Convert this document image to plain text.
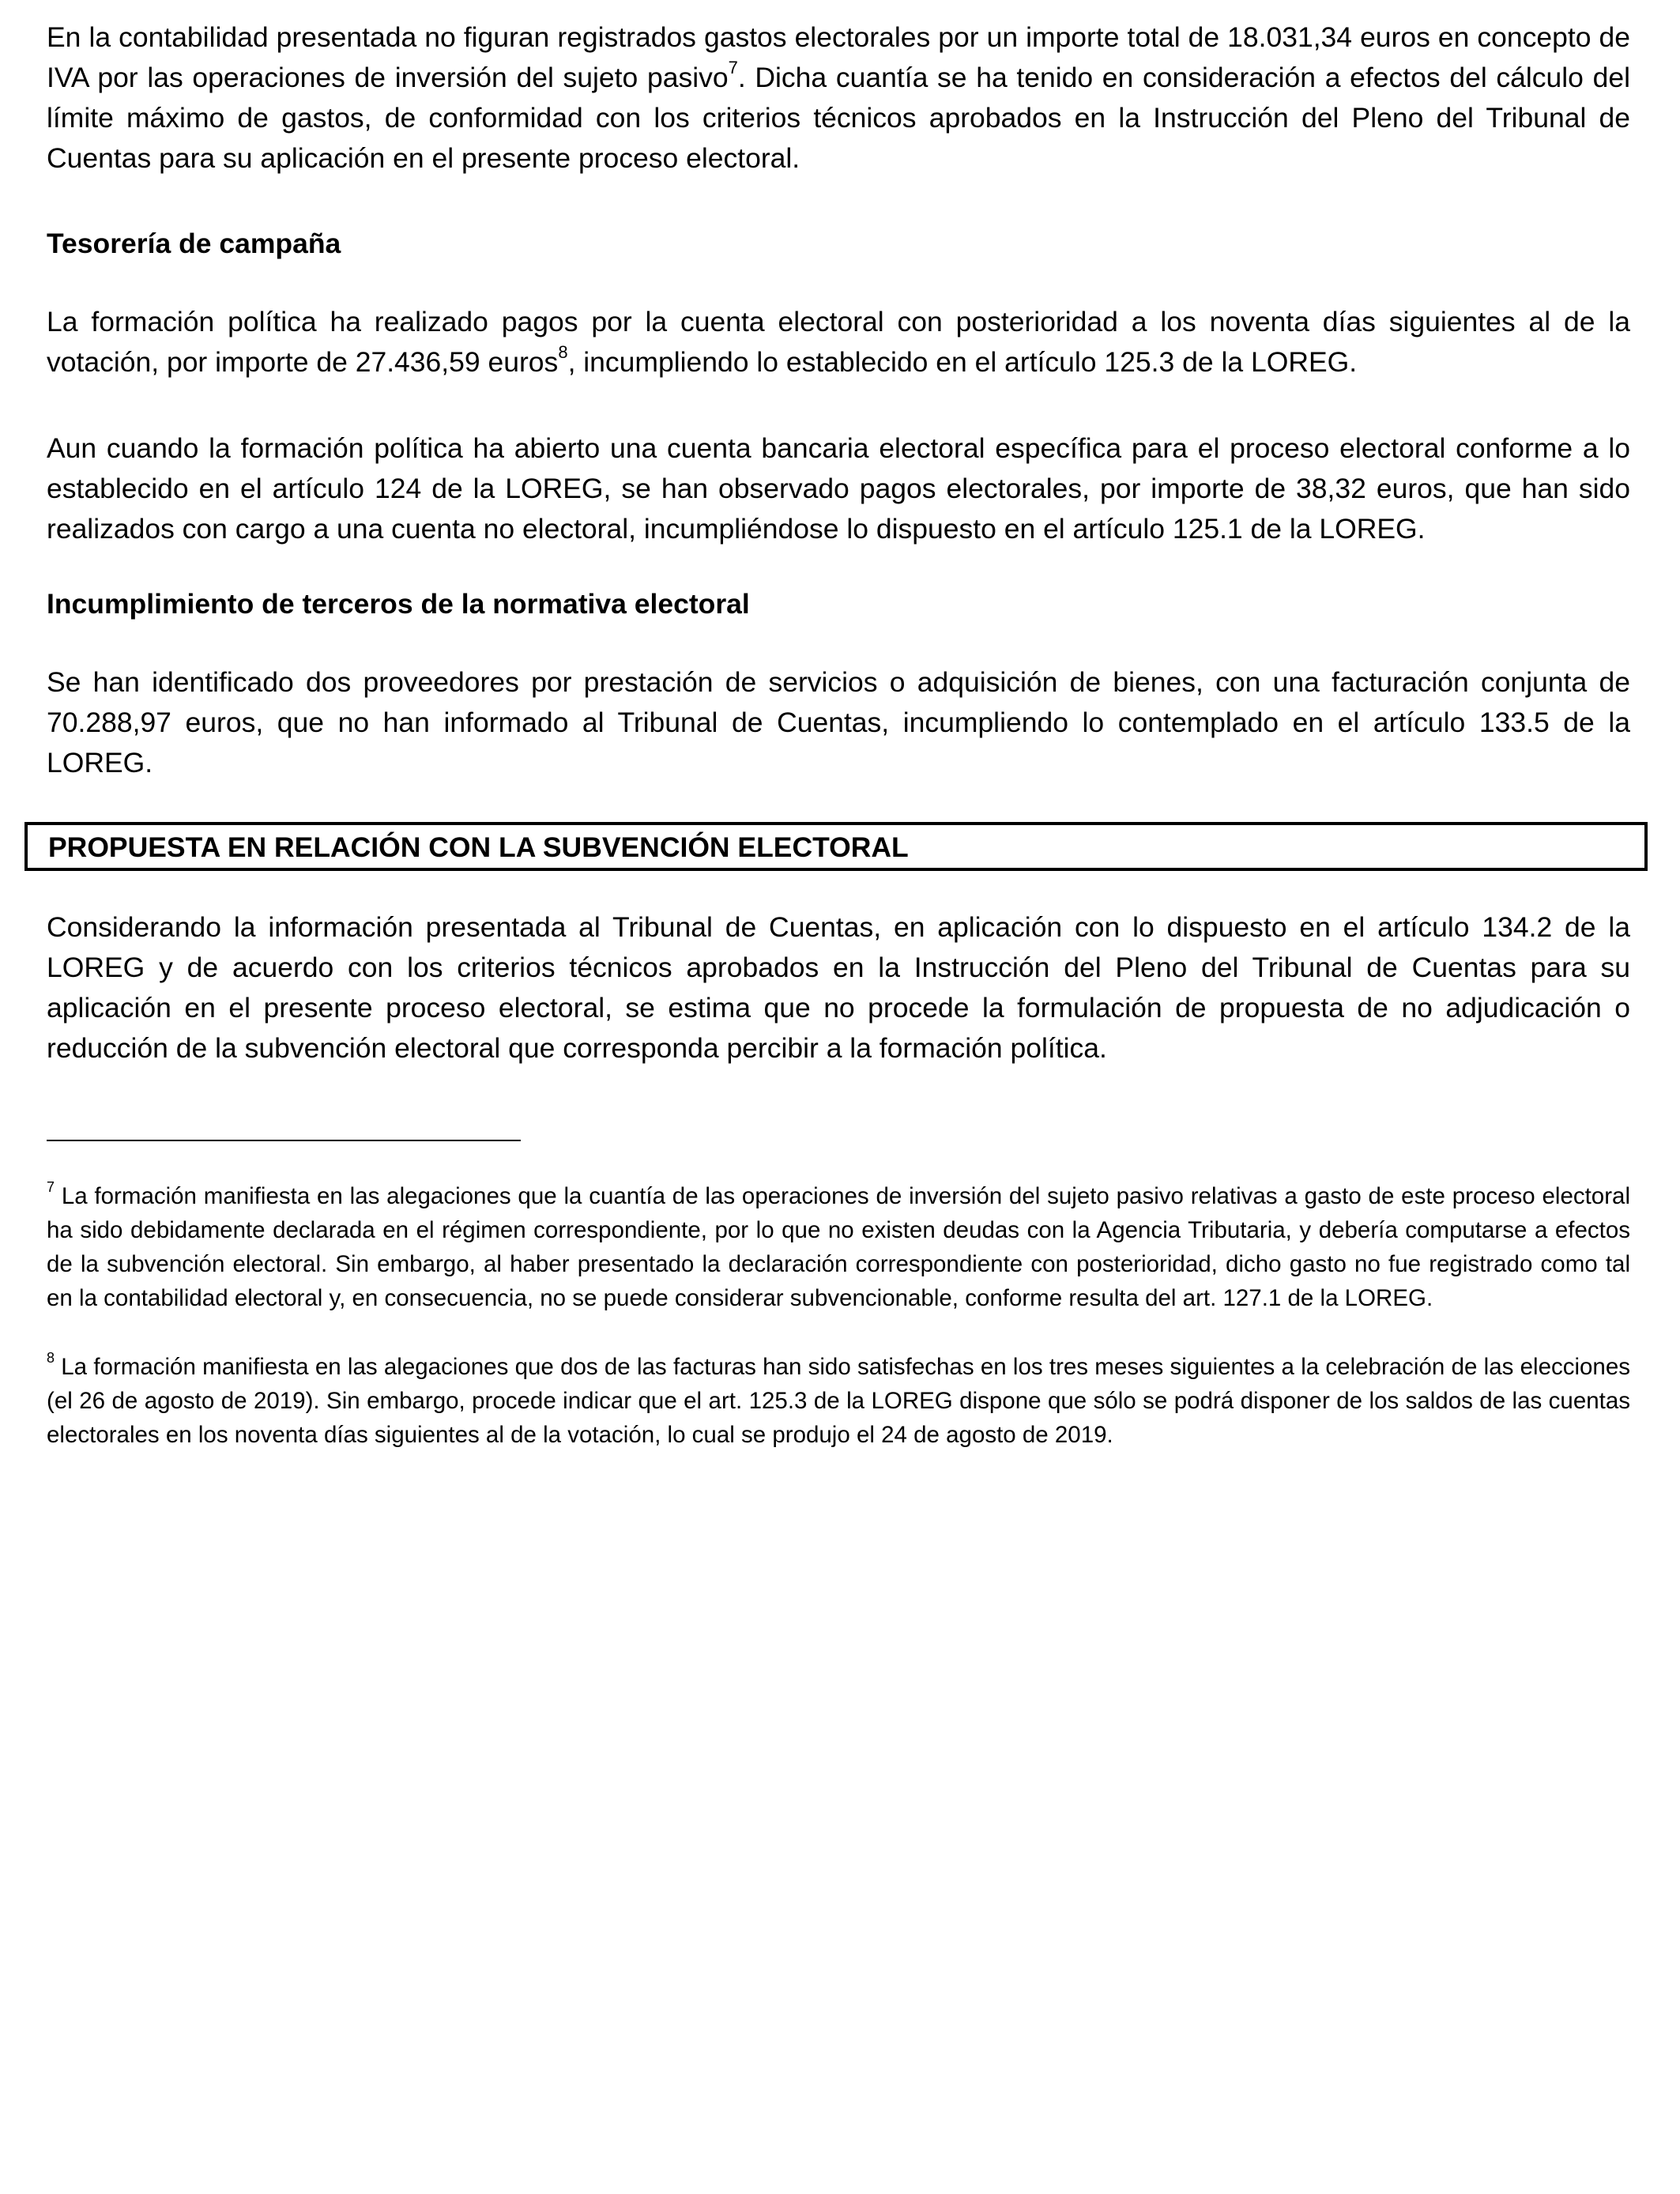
En la contabilidad presentada no figuran registrados gastos electorales por un importe total de 18.031,34 euros en concepto de IVA por las operaciones de inversión del sujeto pasivo$^7$. Dicha cuantía se ha tenido en consideración a efectos del cálculo del límite máximo de gastos, de conformidad con los criterios técnicos aprobados en la Instrucción del Pleno del Tribunal de Cuentas para su aplicación en el presente proceso electoral.

Tesorería de campaña

La formación política ha realizado pagos por la cuenta electoral con posterioridad a los noventa días siguientes al de la votación, por importe de 27.436,59 euros$^8$, incumpliendo lo establecido en el artículo 125.3 de la LOREG.

Aun cuando la formación política ha abierto una cuenta bancaria electoral específica para el proceso electoral conforme a lo establecido en el artículo 124 de la LOREG, se han observado pagos electorales, por importe de 38,32 euros, que han sido realizados con cargo a una cuenta no electoral, incumpliéndose lo dispuesto en el artículo 125.1 de la LOREG.

Incumplimiento de terceros de la normativa electoral

Se han identificado dos proveedores por prestación de servicios o adquisición de bienes, con una facturación conjunta de 70.288,97 euros, que no han informado al Tribunal de Cuentas, incumpliendo lo contemplado en el artículo 133.5 de la LOREG.

PROPUESTA EN RELACIÓN CON LA SUBVENCIÓN ELECTORAL

Considerando la información presentada al Tribunal de Cuentas, en aplicación con lo dispuesto en el artículo 134.2 de la LOREG y de acuerdo con los criterios técnicos aprobados en la Instrucción del Pleno del Tribunal de Cuentas para su aplicación en el presente proceso electoral, se estima que no procede la formulación de propuesta de no adjudicación o reducción de la subvención electoral que corresponda percibir a la formación política.

$^7$ La formación manifiesta en las alegaciones que la cuantía de las operaciones de inversión del sujeto pasivo relativas a gasto de este proceso electoral ha sido debidamente declarada en el régimen correspondiente, por lo que no existen deudas con la Agencia Tributaria, y debería computarse a efectos de la subvención electoral. Sin embargo, al haber presentado la declaración correspondiente con posterioridad, dicho gasto no fue registrado como tal en la contabilidad electoral y, en consecuencia, no se puede considerar subvencionable, conforme resulta del art. 127.1 de la LOREG.

$^8$ La formación manifiesta en las alegaciones que dos de las facturas han sido satisfechas en los tres meses siguientes a la celebración de las elecciones (el 26 de agosto de 2019). Sin embargo, procede indicar que el art. 125.3 de la LOREG dispone que sólo se podrá disponer de los saldos de las cuentas electorales en los noventa días siguientes al de la votación, lo cual se produjo el 24 de agosto de 2019.
